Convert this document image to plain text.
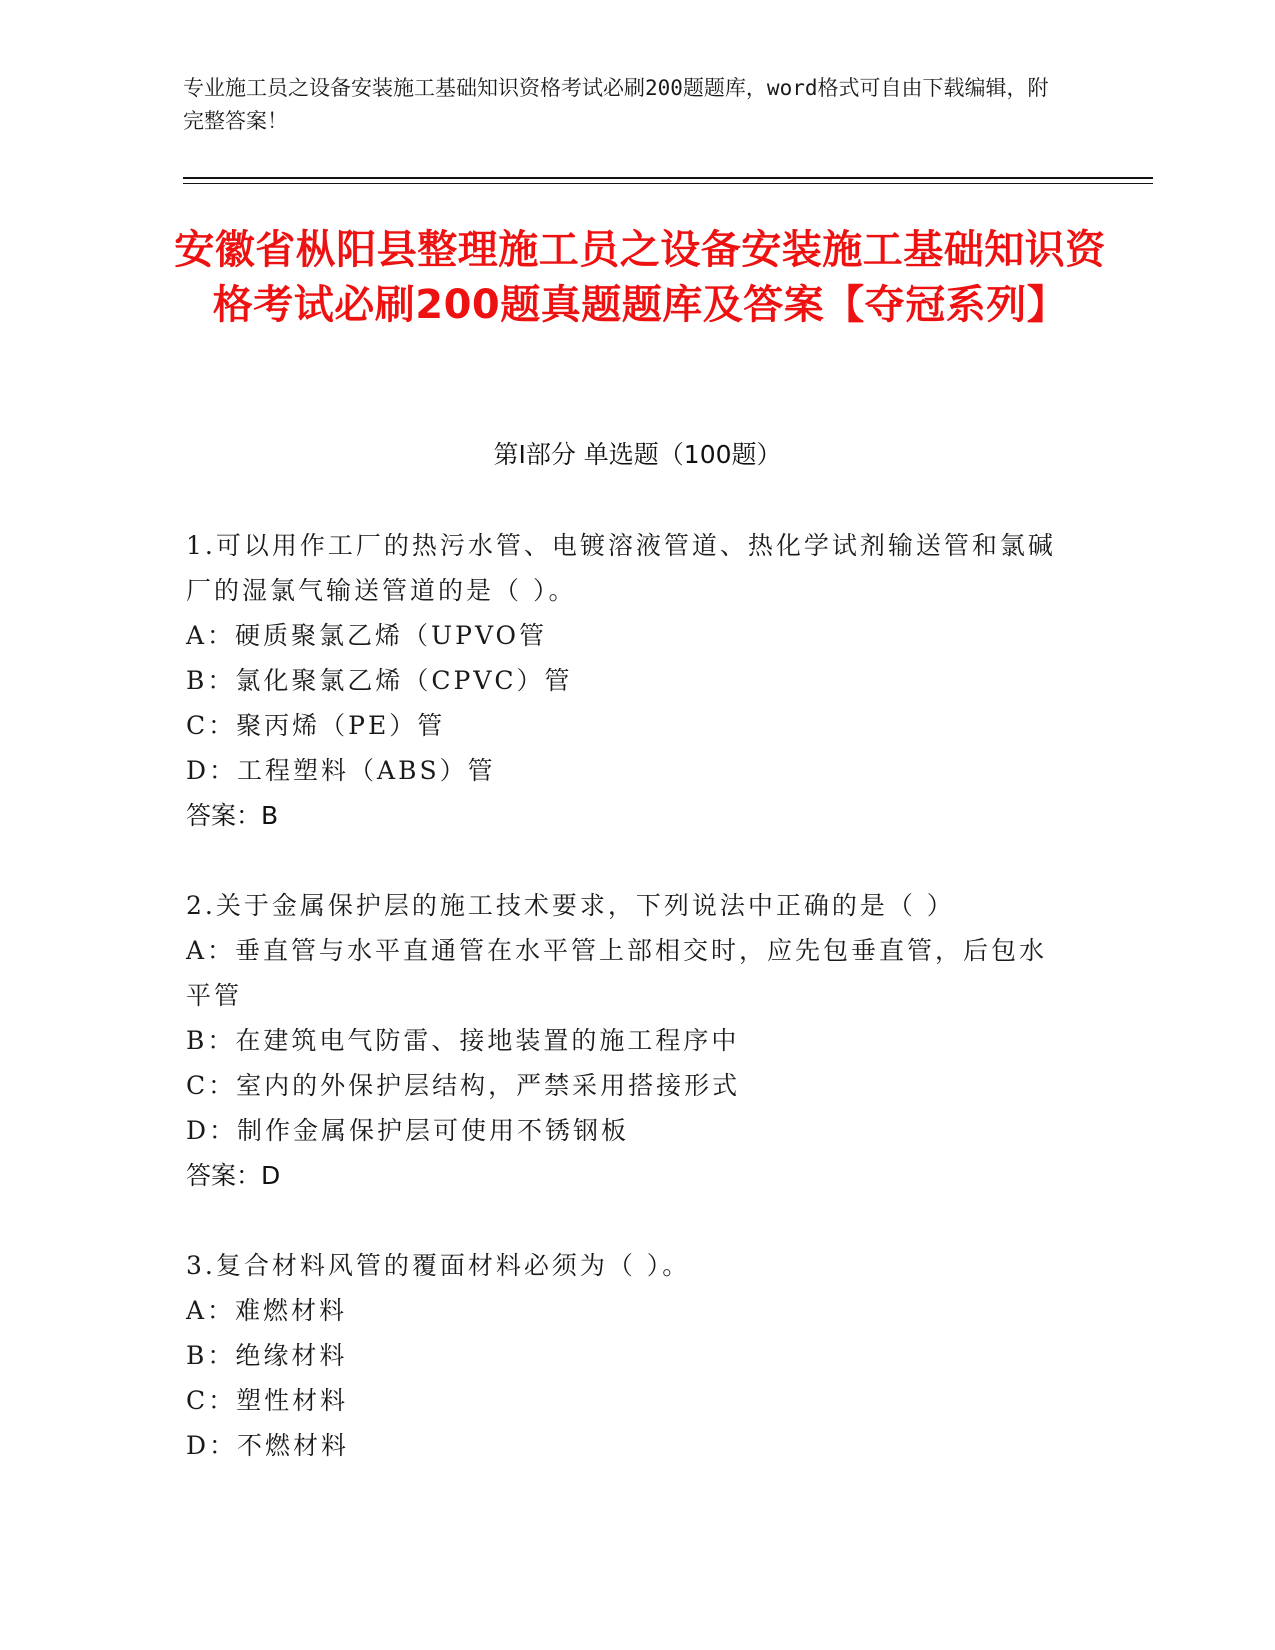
专业施工员之设备安装施工基础知识资格考试必刷200题题库，word格式可自由下载编辑，附完整答案！
安徽省枞阳县整理施工员之设备安装施工基础知识资格考试必刷200题真题题库及答案【夺冠系列】
第Ⅰ部分 单选题（100题）
1.可以用作工厂的热污水管、电镀溶液管道、热化学试剂输送管和氯碱厂的湿氯气输送管道的是（ ）。
A：硬质聚氯乙烯（UPVO管
B：氯化聚氯乙烯（CPVC）管
C：聚丙烯（PE）管
D：工程塑料（ABS）管
答案：B
2.关于金属保护层的施工技术要求，下列说法中正确的是（ ）
A：垂直管与水平直通管在水平管上部相交时，应先包垂直管，后包水平管
B：在建筑电气防雷、接地装置的施工程序中
C：室内的外保护层结构，严禁采用搭接形式
D：制作金属保护层可使用不锈钢板
答案：D
3.复合材料风管的覆面材料必须为（ ）。
A：难燃材料
B：绝缘材料
C：塑性材料
D：不燃材料
